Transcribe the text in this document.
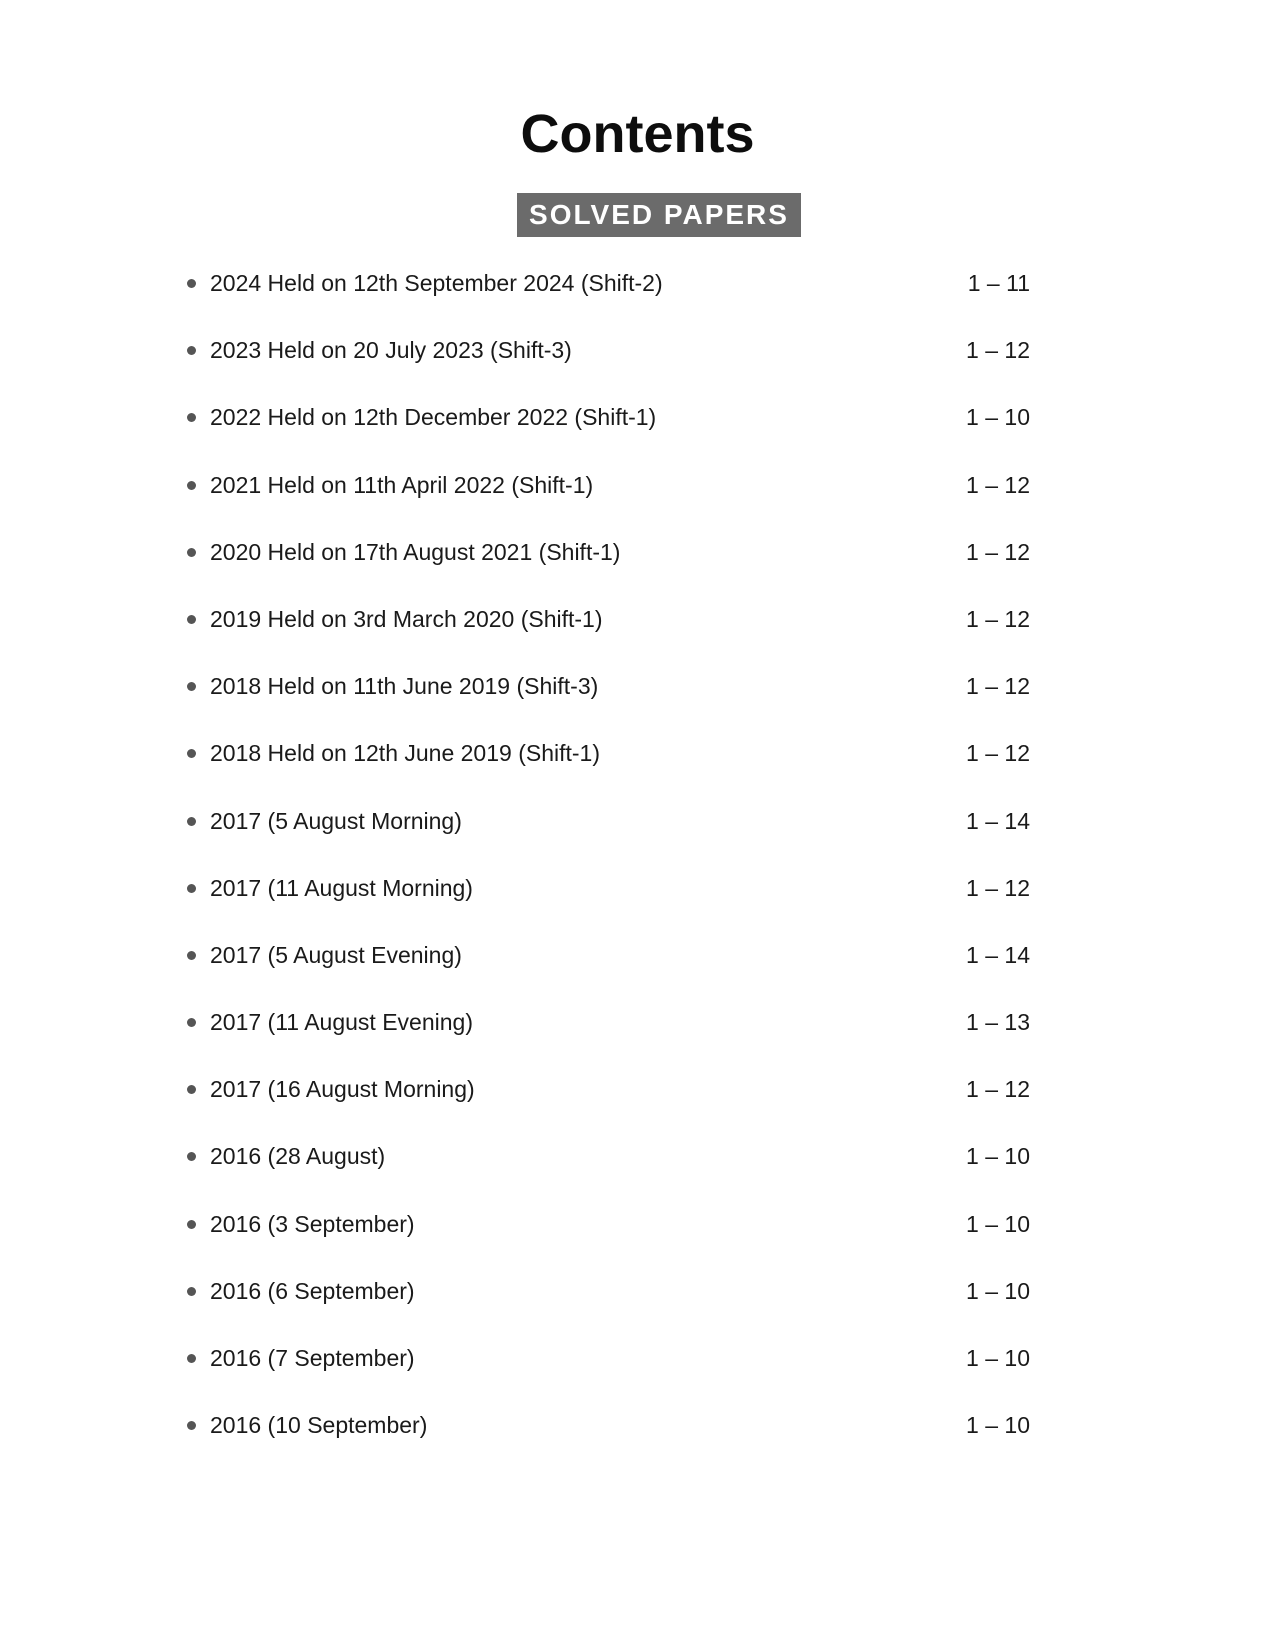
Contents
SOLVED PAPERS
2024 Held on 12th September 2024 (Shift-2)	1 – 11
2023 Held on 20 July 2023 (Shift-3)	1 – 12
2022 Held on 12th December 2022 (Shift-1)	1 – 10
2021 Held on 11th April 2022 (Shift-1)	1 – 12
2020 Held on 17th August 2021 (Shift-1)	1 – 12
2019 Held on 3rd March 2020 (Shift-1)	1 – 12
2018 Held on 11th June 2019 (Shift-3)	1 – 12
2018 Held on 12th June 2019 (Shift-1)	1 – 12
2017 (5 August Morning)	1 – 14
2017 (11 August Morning)	1 – 12
2017 (5 August Evening)	1 – 14
2017 (11 August Evening)	1 – 13
2017 (16 August Morning)	1 – 12
2016 (28 August)	1 – 10
2016 (3 September)	1 – 10
2016 (6 September)	1 – 10
2016 (7 September)	1 – 10
2016 (10 September)	1 – 10
